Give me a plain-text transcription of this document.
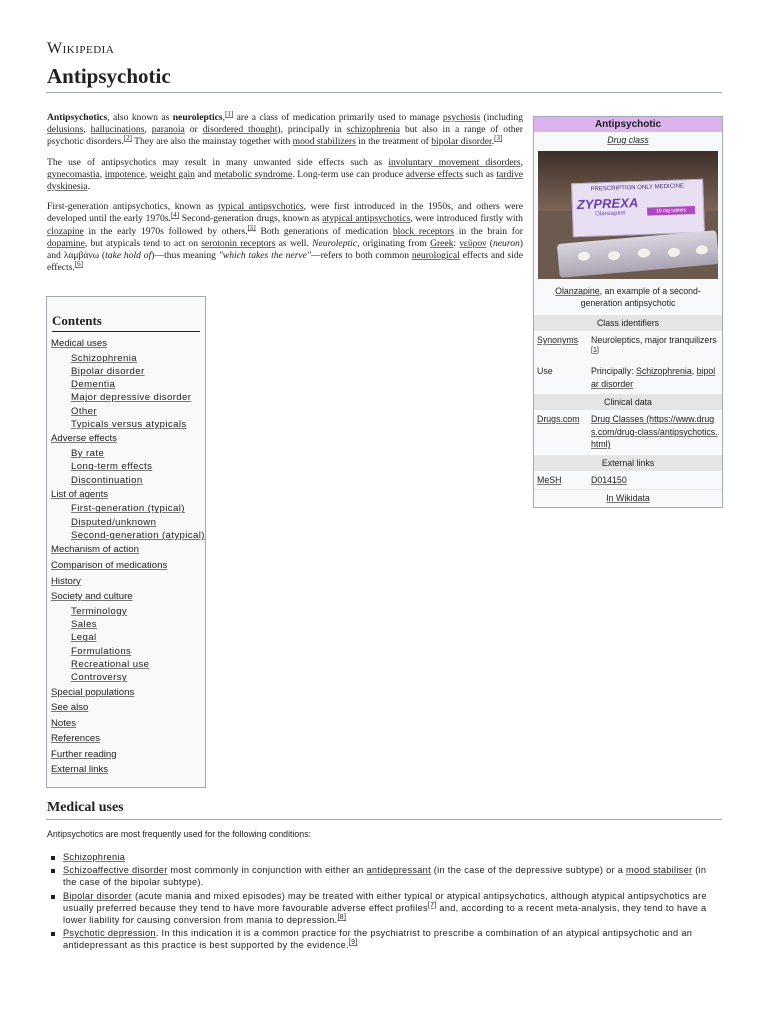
Wikipedia
Antipsychotic

Antipsychotics, also known as neuroleptics,[1] are a class of medication primarily used to manage psychosis (including delusions, hallucinations, paranoia or disordered thought), principally in schizophrenia but also in a range of other psychotic disorders.[2] They are also the mainstay together with mood stabilizers in the treatment of bipolar disorder.[3]

The use of antipsychotics may result in many unwanted side effects such as involuntary movement disorders, gynecomastia, impotence, weight gain and metabolic syndrome. Long-term use can produce adverse effects such as tardive dyskinesia.

First-generation antipsychotics, known as typical antipsychotics, were first introduced in the 1950s, and others were developed until the early 1970s.[4] Second-generation drugs, known as atypical antipsychotics, were introduced firstly with clozapine in the early 1970s followed by others.[5] Both generations of medication block receptors in the brain for dopamine, but atypicals tend to act on serotonin receptors as well. Neuroleptic, originating from Greek: νεῦρον (neuron) and λαμβάνω (take hold of)—thus meaning "which takes the nerve"—refers to both common neurological effects and side effects.[6]

Antipsychotic
Drug class
PRESCRIPTION ONLY MEDICINE
ZYPREXA
Olanzapine	10 mg tablets
Olanzapine, an example of a second-generation antipsychotic
Class identifiers
Synonyms	Neuroleptics, major tranquilizers[1]
Use	Principally: Schizophrenia, bipolar disorder
Clinical data
Drugs.com	Drug Classes (https://www.drugs.com/drug-class/antipsychotics.html)
External links
MeSH	D014150
In Wikidata
Contents
Medical uses
Schizophrenia
Bipolar disorder
Dementia
Major depressive disorder
Other
Typicals versus atypicals
Adverse effects
By rate
Long-term effects
Discontinuation
List of agents
First-generation (typical)
Disputed/unknown
Second-generation (atypical)
Mechanism of action
Comparison of medications
History
Society and culture
Terminology
Sales
Legal
Formulations
Recreational use
Controversy
Special populations
See also
Notes
References
Further reading
External links
Medical uses
Antipsychotics are most frequently used for the following conditions:
Schizophrenia
Schizoaffective disorder most commonly in conjunction with either an antidepressant (in the case of the depressive subtype) or a mood stabiliser (in the case of the bipolar subtype).
Bipolar disorder (acute mania and mixed episodes) may be treated with either typical or atypical antipsychotics, although atypical antipsychotics are usually preferred because they tend to have more favourable adverse effect profiles[7] and, according to a recent meta-analysis, they tend to have a lower liability for causing conversion from mania to depression.[8]
Psychotic depression. In this indication it is a common practice for the psychiatrist to prescribe a combination of an atypical antipsychotic and an antidepressant as this practice is best supported by the evidence.[9]
